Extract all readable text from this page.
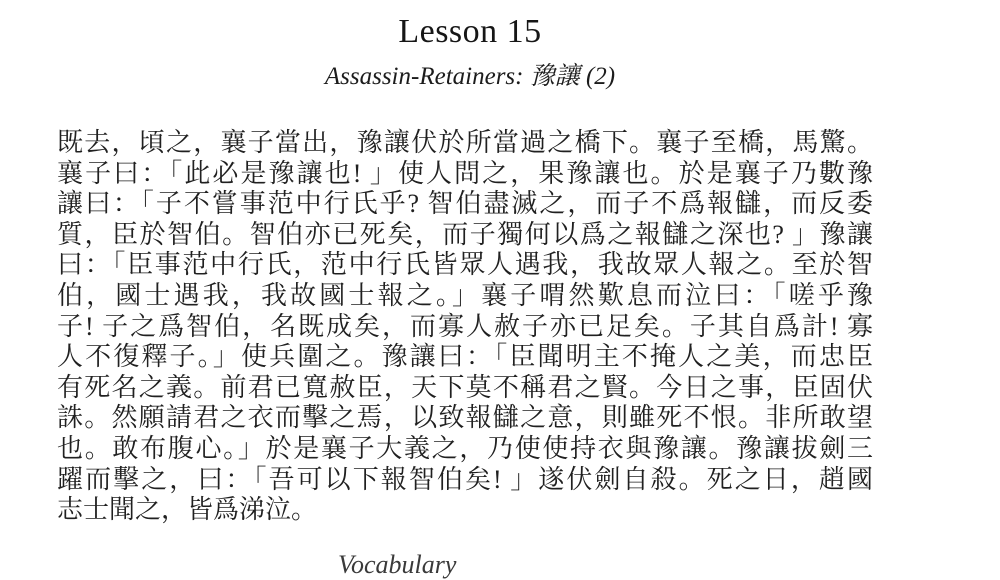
Lesson 15
Assassin-Retainers: 豫讓 (2)
既去，頃之，襄子當出，豫讓伏於所當過之橋下。襄子至橋，馬驚。
襄子曰：「此必是豫讓也! 」使人問之，果豫讓也。於是襄子乃數豫
讓曰：「子不嘗事范中行氏乎? 智伯盡滅之，而子不爲報讎，而反委
質，臣於智伯。智伯亦已死矣，而子獨何以爲之報讎之深也? 」豫讓
曰：「臣事范中行氏，范中行氏皆眾人遇我，我故眾人報之。至於智
伯，國士遇我，我故國士報之。」襄子喟然歎息而泣曰：「嗟乎豫
子! 子之爲智伯，名既成矣，而寡人赦子亦已足矣。子其自爲計! 寡
人不復釋子。」使兵圍之。豫讓曰：「臣聞明主不掩人之美，而忠臣
有死名之義。前君已寬赦臣，天下莫不稱君之賢。今日之事，臣固伏
誅。然願請君之衣而擊之焉，以致報讎之意，則雖死不恨。非所敢望
也。敢布腹心。」於是襄子大義之，乃使使持衣與豫讓。豫讓拔劍三
躍而擊之，曰：「吾可以下報智伯矣! 」遂伏劍自殺。死之日，趙國
志士聞之，皆爲涕泣。
Vocabulary
